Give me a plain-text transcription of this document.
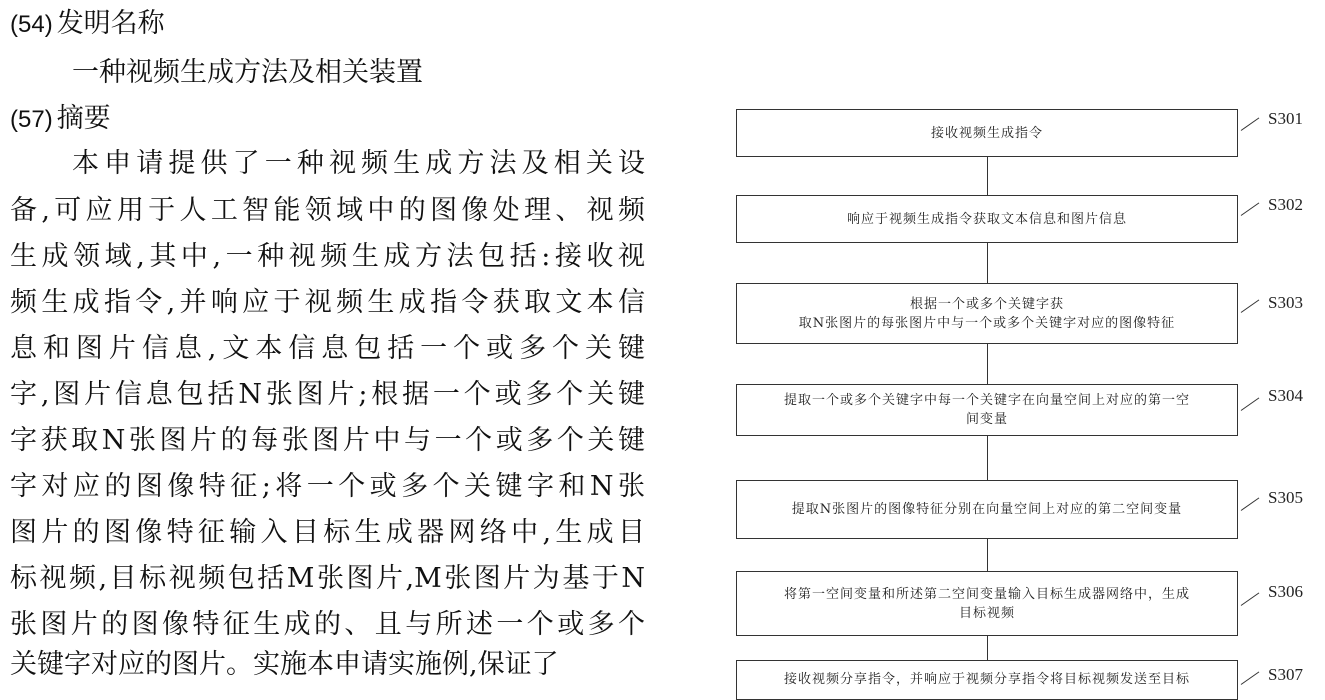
(54) 发明名称
一种视频生成方法及相关装置
(57) 摘要
本申请提供了一种视频生成方法及相关设
备,可应用于人工智能领域中的图像处理、视频
生成领域,其中,一种视频生成方法包括:接收视
频生成指令,并响应于视频生成指令获取文本信
息和图片信息,文本信息包括一个或多个关键
字,图片信息包括N张图片;根据一个或多个关键
字获取N张图片的每张图片中与一个或多个关键
字对应的图像特征;将一个或多个关键字和N张
图片的图像特征输入目标生成器网络中,生成目
标视频,目标视频包括M张图片,M张图片为基于N
张图片的图像特征生成的、且与所述一个或多个
关键字对应的图片。实施本申请实施例,保证了
接收视频生成指令
响应于视频生成指令获取文本信息和图片信息
根据一个或多个关键字获
取N张图片的每张图片中与一个或多个关键字对应的图像特征
提取一个或多个关键字中每一个关键字在向量空间上对应的第一空
间变量
提取N张图片的图像特征分别在向量空间上对应的第二空间变量
将第一空间变量和所述第二空间变量输入目标生成器网络中，生成
目标视频
接收视频分享指令，并响应于视频分享指令将目标视频发送至目标
S301
S302
S303
S304
S305
S306
S307
